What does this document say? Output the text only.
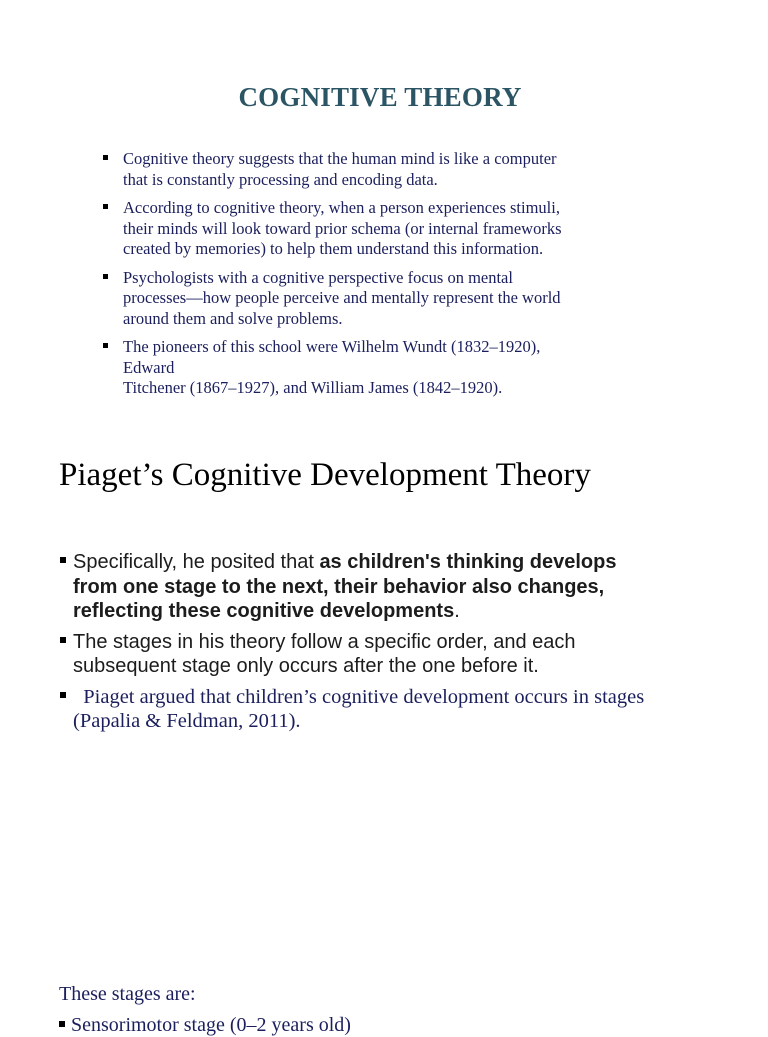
COGNITIVE THEORY
Cognitive theory suggests that the human mind is like a computer
that is constantly processing and encoding data.
According to cognitive theory, when a person experiences stimuli,
their minds will look toward prior schema (or internal frameworks
created by memories) to help them understand this information.
Psychologists with a cognitive perspective focus on mental
processes—how people perceive and mentally represent the world
around them and solve problems.
The pioneers of this school were Wilhelm Wundt (1832–1920),
Edward
Titchener (1867–1927), and William James (1842–1920).
Piaget’s Cognitive Development Theory
Specifically, he posited that as children's thinking develops
from one stage to the next, their behavior also changes,
reflecting these cognitive developments.
The stages in his theory follow a specific order, and each
subsequent stage only occurs after the one before it.
Piaget argued that children’s cognitive development occurs in stages
(Papalia & Feldman, 2011).
These stages are:
Sensorimotor stage (0–2 years old)
